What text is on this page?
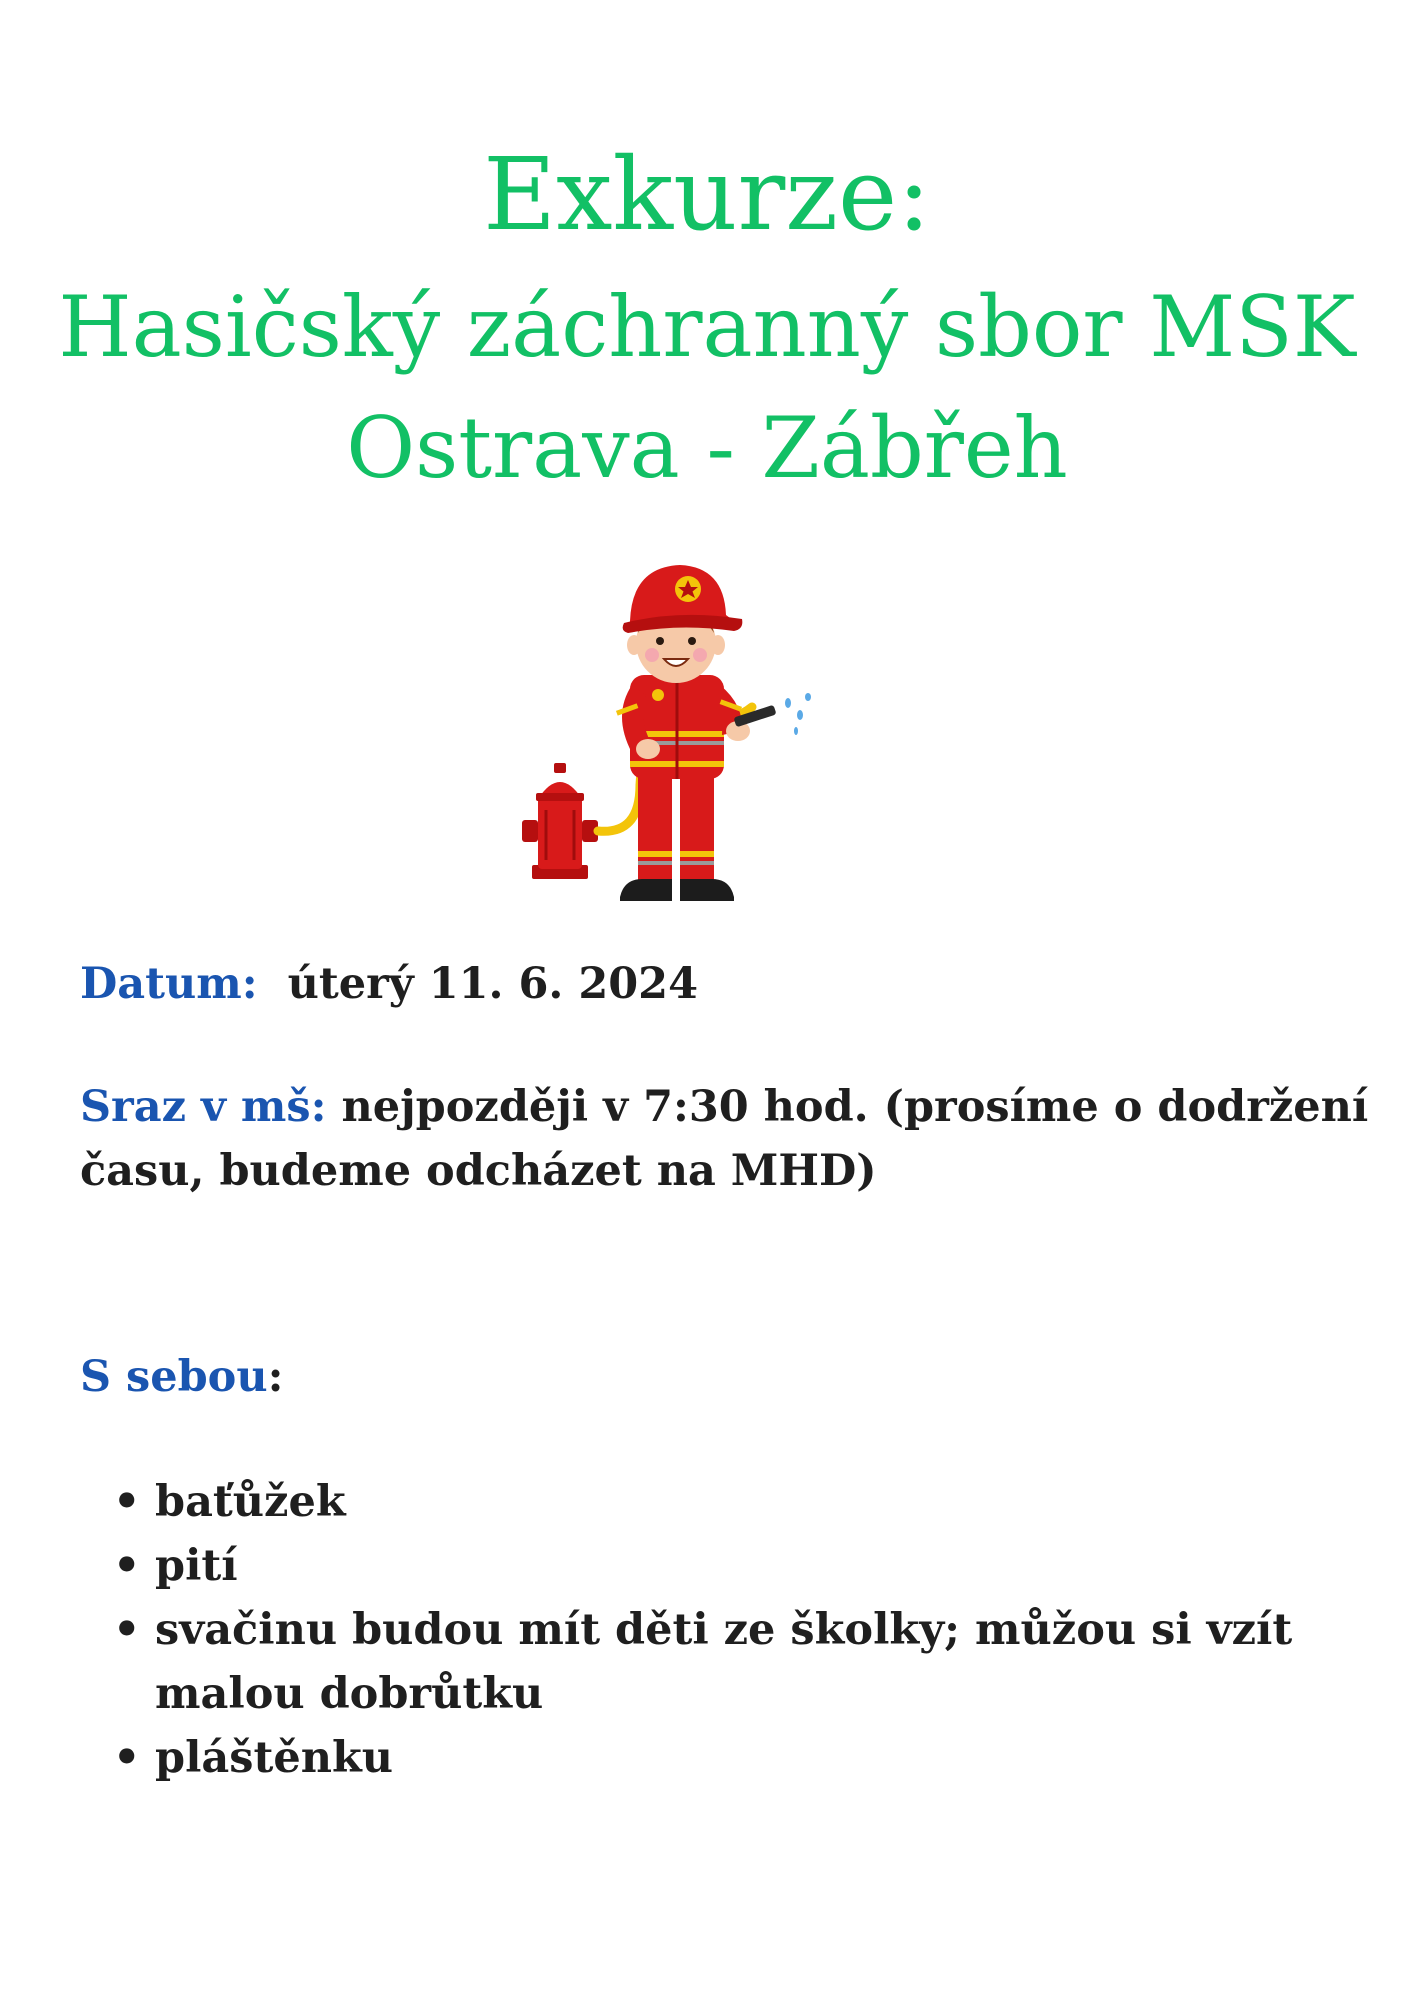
Exkurze:
Hasičský záchranný sbor MSK
Ostrava - Zábřeh
Datum: úterý 11. 6. 2024
Sraz v mš: nejpozději v 7:30 hod. (prosíme o dodržení času, budeme odcházet na MHD)
S sebou:
• baťůžek
• pití
• svačinu budou mít děti ze školky; můžou si vzít malou dobrůtku
• pláštěnku
